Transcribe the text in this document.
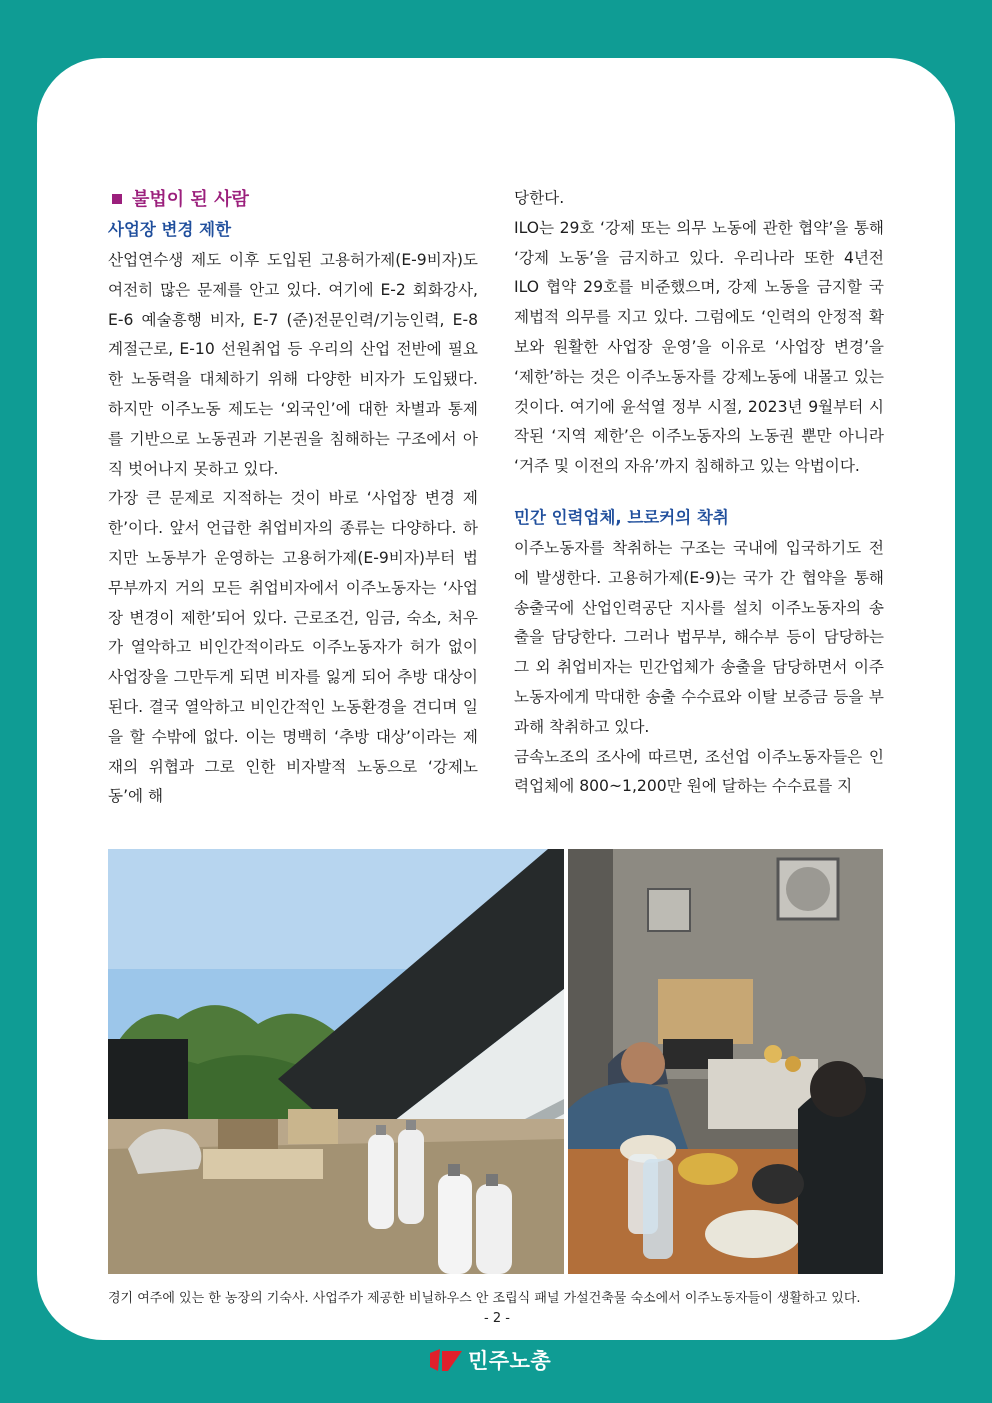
불법이 된 사람
사업장 변경 제한

산업연수생 제도 이후 도입된 고용허가제(E-9비자)도 여전히 많은 문제를 안고 있다. 여기에 E-2 회화강사, E-6 예술흥행 비자, E-7 (준)전문인력/기능인력, E-8 계절근로, E-10 선원취업 등 우리의 산업 전반에 필요한 노동력을 대체하기 위해 다양한 비자가 도입됐다. 하지만 이주노동 제도는 ‘외국인’에 대한 차별과 통제를 기반으로 노동권과 기본권을 침해하는 구조에서 아직 벗어나지 못하고 있다.

가장 큰 문제로 지적하는 것이 바로 ‘사업장 변경 제한’이다. 앞서 언급한 취업비자의 종류는 다양하다. 하지만 노동부가 운영하는 고용허가제(E-9비자)부터 법무부까지 거의 모든 취업비자에서 이주노동자는 ‘사업장 변경이 제한’되어 있다. 근로조건, 임금, 숙소, 처우가 열악하고 비인간적이라도 이주노동자가 허가 없이 사업장을 그만두게 되면 비자를 잃게 되어 추방 대상이 된다. 결국 열악하고 비인간적인 노동환경을 견디며 일을 할 수밖에 없다. 이는 명백히 ‘추방 대상’이라는 제재의 위협과 그로 인한 비자발적 노동으로 ‘강제노동’에 해

당한다.

ILO는 29호 ‘강제 또는 의무 노동에 관한 협약’을 통해 ‘강제 노동’을 금지하고 있다. 우리나라 또한 4년전 ILO 협약 29호를 비준했으며, 강제 노동을 금지할 국제법적 의무를 지고 있다. 그럼에도 ‘인력의 안정적 확보와 원활한 사업장 운영’을 이유로 ‘사업장 변경’을 ‘제한’하는 것은 이주노동자를 강제노동에 내몰고 있는 것이다. 여기에 윤석열 정부 시절, 2023년 9월부터 시작된 ‘지역 제한’은 이주노동자의 노동권 뿐만 아니라 ‘거주 및 이전의 자유’까지 침해하고 있는 악법이다.

민간 인력업체, 브로커의 착취

이주노동자를 착취하는 구조는 국내에 입국하기도 전에 발생한다. 고용허가제(E-9)는 국가 간 협약을 통해 송출국에 산업인력공단 지사를 설치 이주노동자의 송출을 담당한다. 그러나 법무부, 해수부 등이 담당하는 그 외 취업비자는 민간업체가 송출을 담당하면서 이주노동자에게 막대한 송출 수수료와 이탈 보증금 등을 부과해 착취하고 있다.

금속노조의 조사에 따르면, 조선업 이주노동자들은 인력업체에 800~1,200만 원에 달하는 수수료를 지

경기 여주에 있는 한 농장의 기숙사. 사업주가 제공한 비닐하우스 안 조립식 패널 가설건축물 숙소에서 이주노동자들이 생활하고 있다.
- 2 -
민주노총
